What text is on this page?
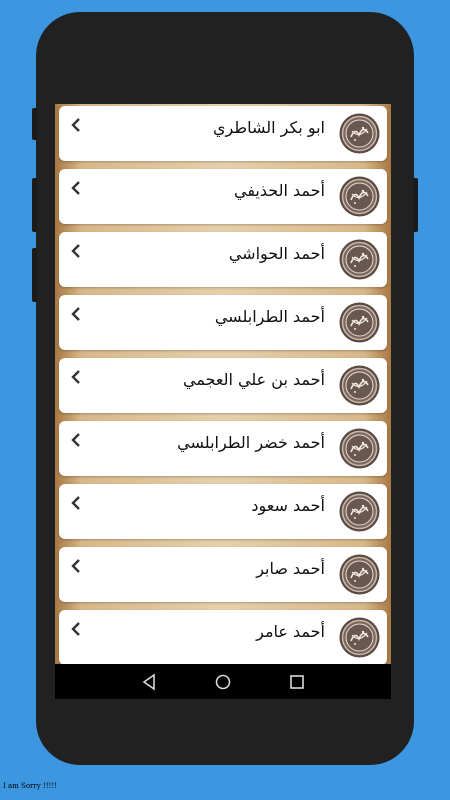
ابو بكر الشاطري
أحمد الحذيفي
أحمد الحواشي
أحمد الطرابلسي
أحمد بن علي العجمي
أحمد خضر الطرابلسي
أحمد سعود
أحمد صابر
أحمد عامر
I am Sorry !!!!!
